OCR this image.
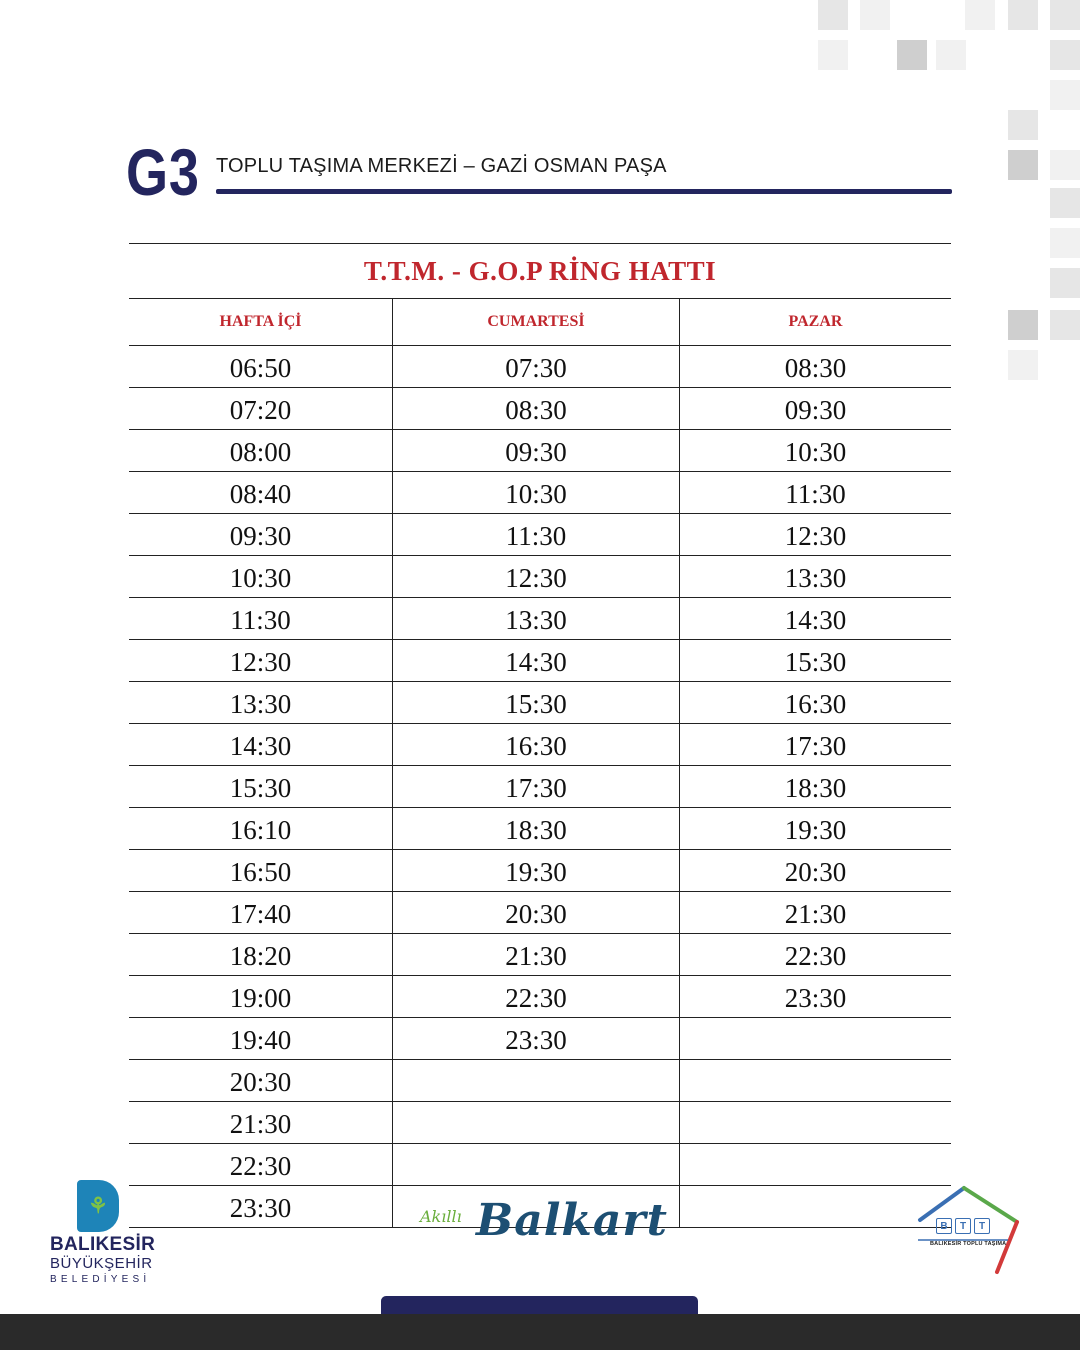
G3 TOPLU TAŞIMA MERKEZİ – GAZİ OSMAN PAŞA
T.T.M. - G.O.P RİNG HATTI
HAFTA İÇİ	CUMARTESİ	PAZAR
06:50	07:30	08:30
07:20	08:30	09:30
08:00	09:30	10:30
08:40	10:30	11:30
09:30	11:30	12:30
10:30	12:30	13:30
11:30	13:30	14:30
12:30	14:30	15:30
13:30	15:30	16:30
14:30	16:30	17:30
15:30	17:30	18:30
16:10	18:30	19:30
16:50	19:30	20:30
17:40	20:30	21:30
18:20	21:30	22:30
19:00	22:30	23:30
19:40	23:30
20:30
21:30
22:30
23:30
⚘
BALIKESİR
BÜYÜKŞEHİR
BELEDİYESİ
Akıllı Balkart	B	T	T
BALIKESİR TOPLU TAŞIMA
